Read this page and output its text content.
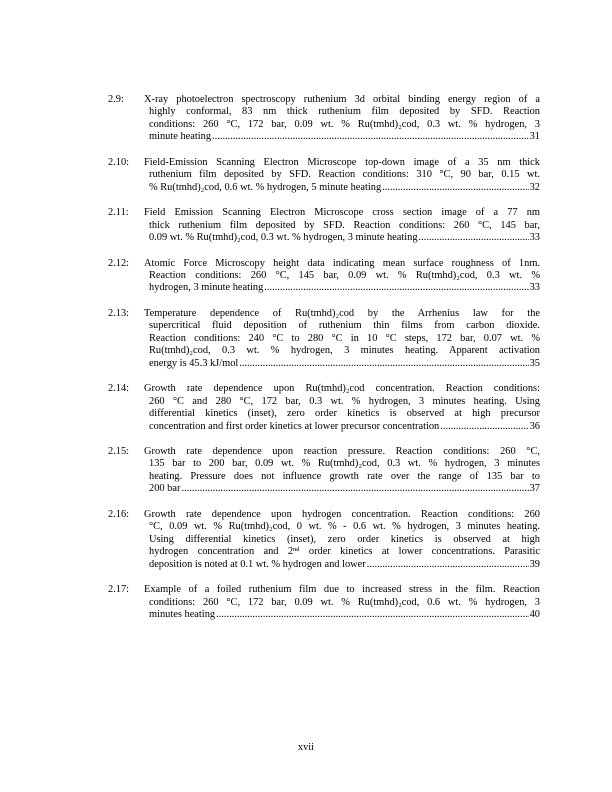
2.9: X-ray photoelectron spectroscopy ruthenium 3d orbital binding energy region of a
highly conformal, 83 nm thick ruthenium film deposited by SFD. Reaction
conditions: 260 °C, 172 bar, 0.09 wt. % Ru(tmhd)₂cod, 0.3 wt. % hydrogen, 3
minute heating .....	31
2.10: Field-Emission Scanning Electron Microscope top-down image of a 35 nm thick
ruthenium film deposited by SFD. Reaction conditions: 310 °C, 90 bar, 0.15 wt.
% Ru(tmhd)₂cod, 0.6 wt. % hydrogen, 5 minute heating .....	32
2.11: Field Emission Scanning Electron Microscope cross section image of a 77 nm
thick ruthenium film deposited by SFD. Reaction conditions: 260 °C, 145 bar,
0.09 wt. % Ru(tmhd)₂cod, 0.3 wt. % hydrogen, 3 minute heating .....	33
2.12: Atomic Force Microscopy height data indicating mean surface roughness of 1nm.
Reaction conditions: 260 °C, 145 bar, 0.09 wt. % Ru(tmhd)₂cod, 0.3 wt. %
hydrogen, 3 minute heating .....	33
2.13: Temperature dependence of Ru(tmhd)₂cod by the Arrhenius law for the
supercritical fluid deposition of ruthenium thin films from carbon dioxide.
Reaction conditions: 240 °C to 280 °C in 10 °C steps, 172 bar, 0.07 wt. %
Ru(tmhd)₂cod, 0.3 wt. % hydrogen, 3 minutes heating. Apparent activation
energy is 45.3 kJ/mol .....	35
2.14: Growth rate dependence upon Ru(tmhd)₂cod concentration. Reaction conditions:
260 °C and 280 °C, 172 bar, 0.3 wt. % hydrogen, 3 minutes heating. Using
differential kinetics (inset), zero order kinetics is observed at high precursor
concentration and first order kinetics at lower precursor concentration .....	36
2.15: Growth rate dependence upon reaction pressure. Reaction conditions: 260 °C,
135 bar to 200 bar, 0.09 wt. % Ru(tmhd)₂cod, 0.3 wt. % hydrogen, 3 minutes
heating. Pressure does not influence growth rate over the range of 135 bar to
200 bar .....	37
2.16: Growth rate dependence upon hydrogen concentration. Reaction conditions: 260
°C, 0.09 wt. % Ru(tmhd)₂cod, 0 wt. % - 0.6 wt. % hydrogen, 3 minutes heating.
Using differential kinetics (inset), zero order kinetics is observed at high
hydrogen concentration and 2ⁿᵈ order kinetics at lower concentrations. Parasitic
deposition is noted at 0.1 wt. % hydrogen and lower .....	39
2.17: Example of a foiled ruthenium film due to increased stress in the film. Reaction
conditions: 260 °C, 172 bar, 0.09 wt. % Ru(tmhd)₂cod, 0.6 wt. % hydrogen, 3
minutes heating .....	40
xvii
